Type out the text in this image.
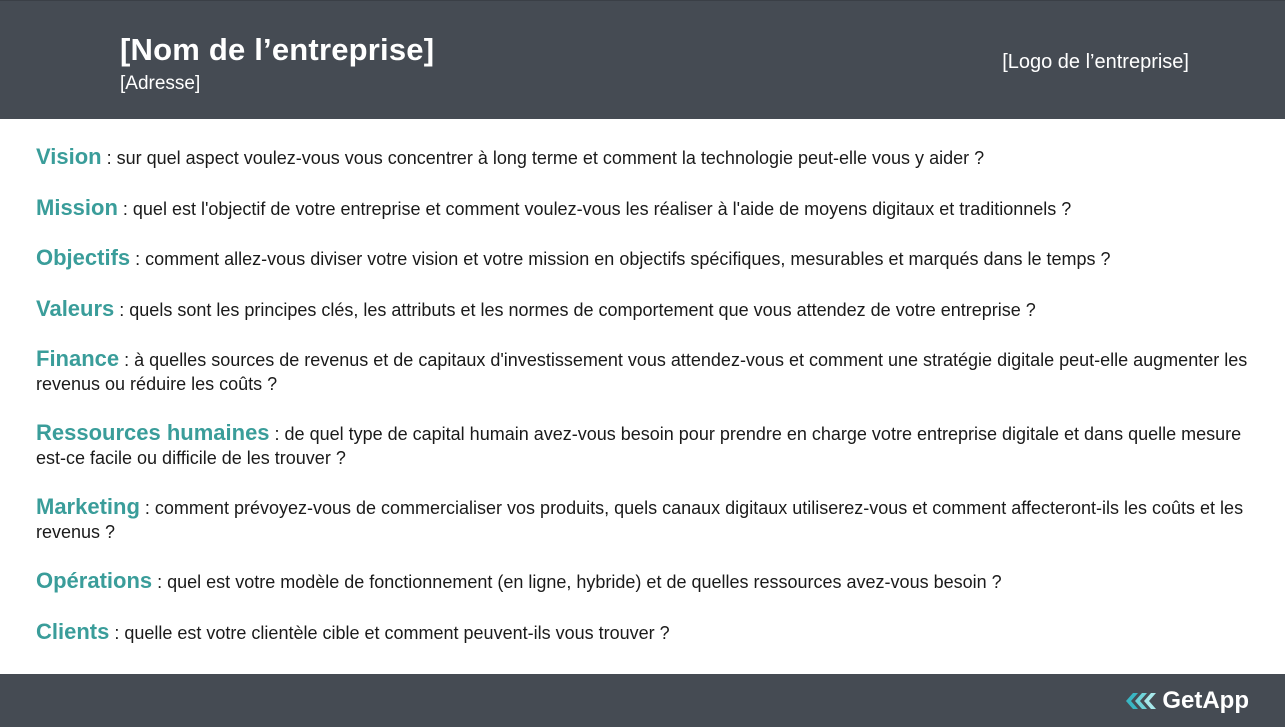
[Nom de l’entreprise]
[Adresse]
[Logo de l’entreprise]

Vision : sur quel aspect voulez-vous vous concentrer à long terme et comment la technologie peut-elle vous y aider ?

Mission : quel est l'objectif de votre entreprise et comment voulez-vous les réaliser à l'aide de moyens digitaux et traditionnels ?

Objectifs : comment allez-vous diviser votre vision et votre mission en objectifs spécifiques, mesurables et marqués dans le temps ?

Valeurs : quels sont les principes clés, les attributs et les normes de comportement que vous attendez de votre entreprise ?

Finance : à quelles sources de revenus et de capitaux d'investissement vous attendez-vous et comment une stratégie digitale peut-elle augmenter les revenus ou réduire les coûts ?

Ressources humaines : de quel type de capital humain avez-vous besoin pour prendre en charge votre entreprise digitale et dans quelle mesure est-ce facile ou difficile de les trouver ?

Marketing : comment prévoyez-vous de commercialiser vos produits, quels canaux digitaux utiliserez-vous et comment affecteront-ils les coûts et les revenus ?

Opérations : quel est votre modèle de fonctionnement (en ligne, hybride) et de quelles ressources avez-vous besoin ?

Clients : quelle est votre clientèle cible et comment peuvent-ils vous trouver ?

GetApp
